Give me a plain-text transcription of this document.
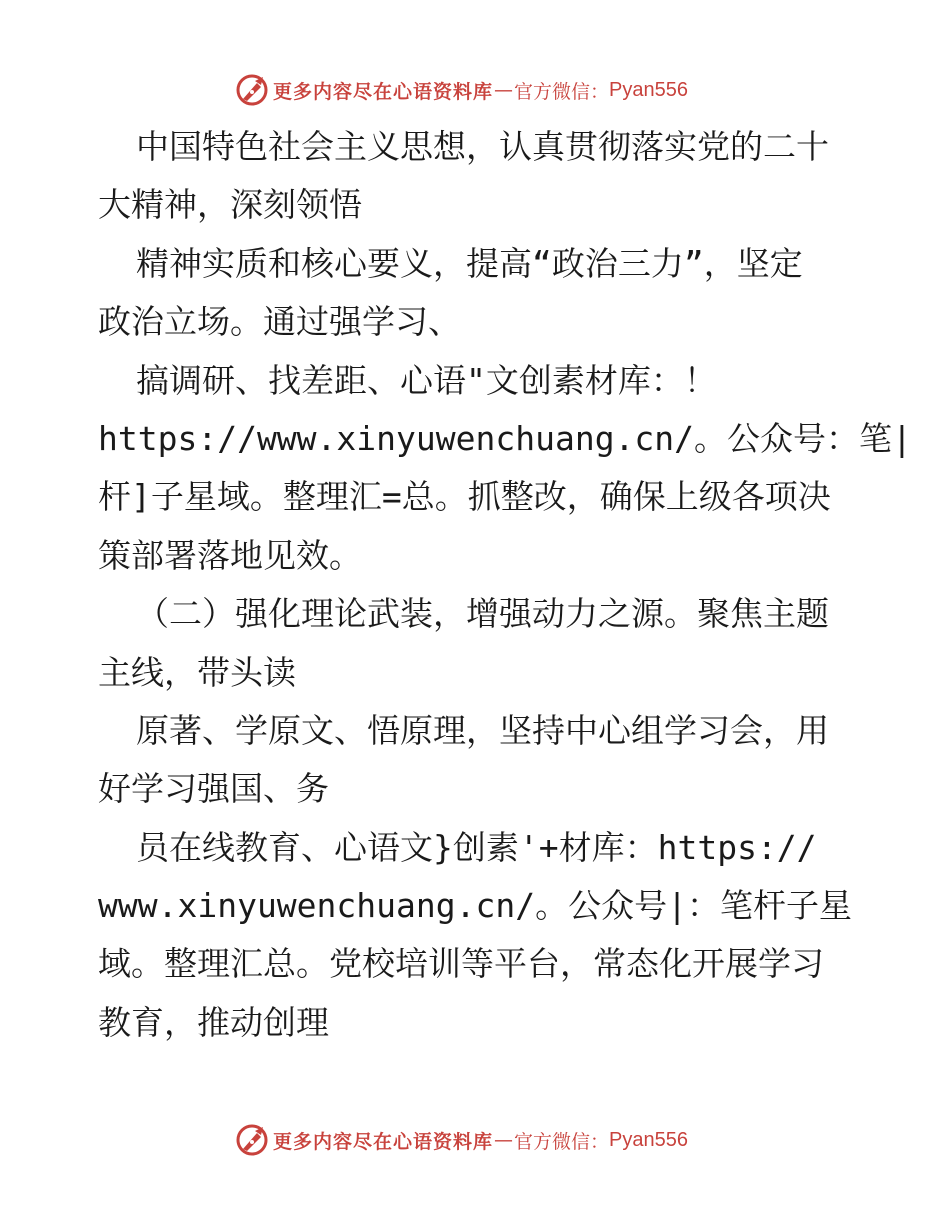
更多内容尽在心语资料库 — 官方微信： Pyan556
中国特色社会主义思想，认真贯彻落实党的二十
大精神，深刻领悟
精神实质和核心要义，提高“政治三力”，坚定
政治立场。通过强学习、
搞调研、找差距、心语"文创素材库：！
https://www.xinyuwenchuang.cn/。公众号：笔|
杆]子星域。整理汇=总。抓整改，确保上级各项决
策部署落地见效。
（二）强化理论武装，增强动力之源。聚焦主题
主线，带头读
原著、学原文、悟原理，坚持中心组学习会，用
好学习强国、务
员在线教育、心语文}创素'+材库：https://
www.xinyuwenchuang.cn/。公众号|：笔杆子星
域。整理汇总。党校培训等平台，常态化开展学习
教育，推动创理
更多内容尽在心语资料库 — 官方微信： Pyan556
